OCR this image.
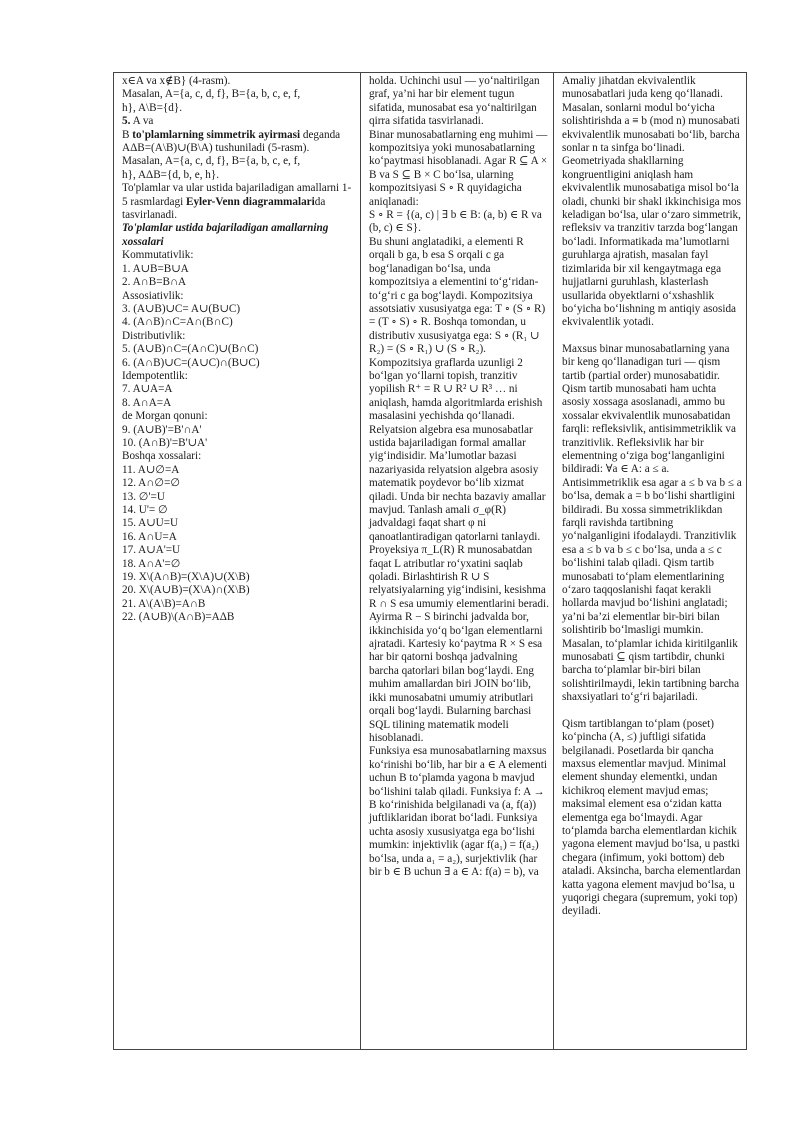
x∈A va x∉B} (4-rasm).

Masalan, A={a, c, d, f}, B={a, b, c, e, f,

h}, A\B={d}.

5. A va

B to'plamlarning simmetrik ayirmasi deganda

AΔB=(A\B)∪(B\A) tushuniladi (5-rasm).

Masalan, A={a, c, d, f}, B={a, b, c, e, f,

h}, AΔB={d, b, e, h}.

To'plamlar va ular ustida bajariladigan amallarni 1-5 rasmlardagi Eyler-Venn diagrammalarida tasvirlanadi.

To'plamlar ustida bajariladigan amallarning xossalari

Kommutativlik:

1. A∪B=B∪A

2. A∩B=B∩A

Assosiativlik:

3. (A∪B)∪C= A∪(B∪C)

4. (A∩B)∩C=A∩(B∩C)

Distributivlik:

5. (A∪B)∩C=(A∩C)∪(B∩C)

6. (A∩B)∪C=(A∪C)∩(B∪C)

Idempotentlik:

7. A∪A=A

8. A∩A=A

de Morgan qonuni:

9. (A∪B)'=B'∩A'

10. (A∩B)'=B'∪A'

Boshqa xossalari:

11. A∪∅=A

12. A∩∅=∅

13. ∅'=U

14. U'= ∅

15. A∪U=U

16. A∩U=A

17. A∪A'=U

18. A∩A'=∅

19. X\(A∩B)=(X\A)∪(X\B)

20. X\(A∪B)=(X\A)∩(X\B)

21. A\(A\B)=A∩B

22. (A∪B)\(A∩B)=AΔB

holda. Uchinchi usul — yo‘naltirilgan graf, ya’ni har bir element tugun sifatida, munosabat esa yo‘naltirilgan qirra sifatida tasvirlanadi.

Binar munosabatlarning eng muhimi — kompozitsiya yoki munosabatlarning ko‘paytmasi hisoblanadi. Agar R ⊆ A × B va S ⊆ B × C bo‘lsa, ularning kompozitsiyasi S ∘ R quyidagicha aniqlanadi:

S ∘ R = {(a, c) | ∃ b ∈ B: (a, b) ∈ R va (b, c) ∈ S}.

Bu shuni anglatadiki, a elementi R orqali b ga, b esa S orqali c ga bog‘lanadigan bo‘lsa, unda kompozitsiya a elementini to‘g‘ridan-to‘g‘ri c ga bog‘laydi. Kompozitsiya assotsiativ xususiyatga ega: T ∘ (S ∘ R) = (T ∘ S) ∘ R. Boshqa tomondan, u distributiv xususiyatga ega: S ∘ (R₁ ∪ R₂) = (S ∘ R₁) ∪ (S ∘ R₂).

Kompozitsiya graflarda uzunligi 2 bo‘lgan yo‘llarni topish, tranzitiv yopilish R⁺ = R ∪ R² ∪ R³ … ni aniqlash, hamda algoritmlarda erishish masalasini yechishda qo‘llanadi.

Relyatsion algebra esa munosabatlar ustida bajariladigan formal amallar yig‘indisidir. Ma’lumotlar bazasi nazariyasida relyatsion algebra asosiy matematik poydevor bo‘lib xizmat qiladi. Unda bir nechta bazaviy amallar mavjud. Tanlash amali σ_φ(R) jadvaldagi faqat shart φ ni qanoatlantiradigan qatorlarni tanlaydi. Proyeksiya π_L(R) R munosabatdan faqat L atributlar ro‘yxatini saqlab qoladi. Birlashtirish R ∪ S relyatsiyalarning yig‘indisini, kesishma R ∩ S esa umumiy elementlarini beradi. Ayirma R − S birinchi jadvalda bor, ikkinchisida yo‘q bo‘lgan elementlarni ajratadi. Kartesiy ko‘paytma R × S esa har bir qatorni boshqa jadvalning barcha qatorlari bilan bog‘laydi. Eng muhim amallardan biri JOIN bo‘lib, ikki munosabatni umumiy atributlari orqali bog‘laydi. Bularning barchasi SQL tilining matematik modeli hisoblanadi.

Funksiya esa munosabatlarning maxsus ko‘rinishi bo‘lib, har bir a ∈ A elementi uchun B to‘plamda yagona b mavjud bo‘lishini talab qiladi. Funksiya f: A → B ko‘rinishida belgilanadi va (a, f(a)) juftliklaridan iborat bo‘ladi. Funksiya uchta asosiy xususiyatga ega bo‘lishi mumkin: injektivlik (agar f(a₁) = f(a₂) bo‘lsa, unda a₁ = a₂), surjektivlik (har bir b ∈ B uchun ∃ a ∈ A: f(a) = b), va

Amaliy jihatdan ekvivalentlik munosabatlari juda keng qo‘llanadi. Masalan, sonlarni modul bo‘yicha solishtirishda a ≡ b (mod n) munosabati ekvivalentlik munosabati bo‘lib, barcha sonlar n ta sinfga bo‘linadi. Geometriyada shakllarning kongruentligini aniqlash ham ekvivalentlik munosabatiga misol bo‘la oladi, chunki bir shakl ikkinchisiga mos keladigan bo‘lsa, ular o‘zaro simmetrik, refleksiv va tranzitiv tarzda bog‘langan bo‘ladi. Informatikada ma’lumotlarni guruhlarga ajratish, masalan fayl tizimlarida bir xil kengaytmaga ega hujjatlarni guruhlash, klasterlash usullarida obyektlarni o‘xshashlik bo‘yicha bo‘lishning m antiqiy asosida ekvivalentlik yotadi.

Maxsus binar munosabatlarning yana bir keng qo‘llanadigan turi — qism tartib (partial order) munosabatidir. Qism tartib munosabati ham uchta asosiy xossaga asoslanadi, ammo bu xossalar ekvivalentlik munosabatidan farqli: refleksivlik, antisimmetriklik va tranzitivlik. Refleksivlik har bir elementning o‘ziga bog‘langanligini bildiradi: ∀a ∈ A: a ≤ a. Antisimmetriklik esa agar a ≤ b va b ≤ a bo‘lsa, demak a = b bo‘lishi shartligini bildiradi. Bu xossa simmetriklikdan farqli ravishda tartibning yo‘nalganligini ifodalaydi. Tranzitivlik esa a ≤ b va b ≤ c bo‘lsa, unda a ≤ c bo‘lishini talab qiladi. Qism tartib munosabati to‘plam elementlarining o‘zaro taqqoslanishi faqat kerakli hollarda mavjud bo‘lishini anglatadi; ya’ni ba’zi elementlar bir-biri bilan solishtirib bo‘lmasligi mumkin. Masalan, to‘plamlar ichida kiritilganlik munosabati ⊆ qism tartibdir, chunki barcha to‘plamlar bir-biri bilan solishtirilmaydi, lekin tartibning barcha shaxsiyatlari to‘g‘ri bajariladi.

Qism tartiblangan to‘plam (poset) ko‘pincha (A, ≤) juftligi sifatida belgilanadi. Posetlarda bir qancha maxsus elementlar mavjud. Minimal element shunday elementki, undan kichikroq element mavjud emas; maksimal element esa o‘zidan katta elementga ega bo‘lmaydi. Agar to‘plamda barcha elementlardan kichik yagona element mavjud bo‘lsa, u pastki chegara (infimum, yoki bottom) deb ataladi. Aksincha, barcha elementlardan katta yagona element mavjud bo‘lsa, u yuqorigi chegara (supremum, yoki top) deyiladi.
